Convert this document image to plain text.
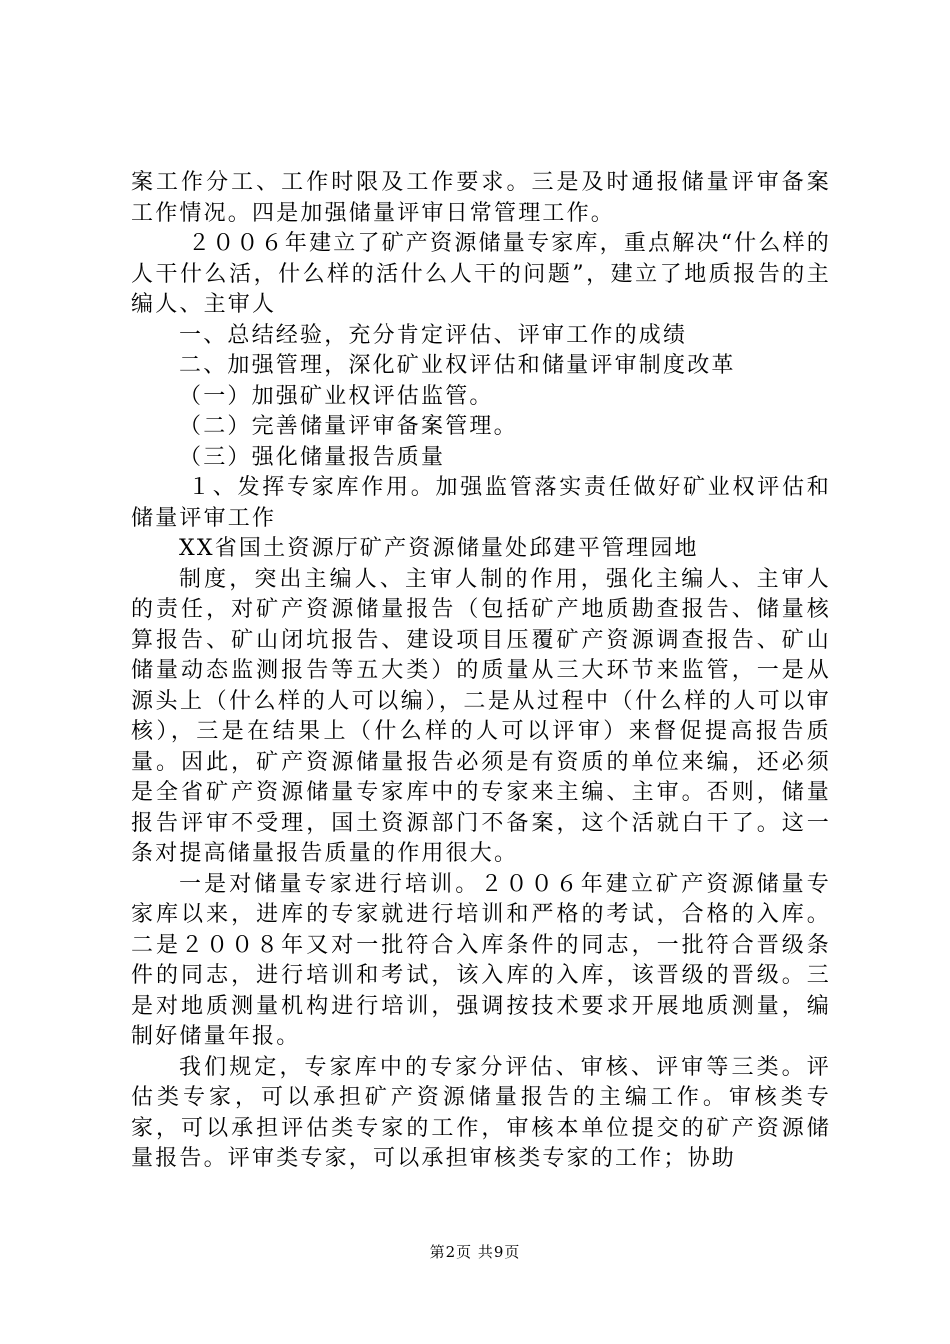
案工作分工、工作时限及工作要求。三是及时通报储量评审备案工作情况。四是加强储量评审日常管理工作。

２００６年建立了矿产资源储量专家库，重点解决“什么样的人干什么活，什么样的活什么人干的问题”，建立了地质报告的主编人、主审人

一、总结经验，充分肯定评估、评审工作的成绩

二、加强管理，深化矿业权评估和储量评审制度改革

（一）加强矿业权评估监管。

（二）完善储量评审备案管理。

（三）强化储量报告质量

１、发挥专家库作用。加强监管落实责任做好矿业权评估和储量评审工作

XX省国土资源厅矿产资源储量处邱建平管理园地

制度，突出主编人、主审人制的作用，强化主编人、主审人的责任，对矿产资源储量报告（包括矿产地质勘查报告、储量核算报告、矿山闭坑报告、建设项目压覆矿产资源调查报告、矿山储量动态监测报告等五大类）的质量从三大环节来监管，一是从源头上（什么样的人可以编），二是从过程中（什么样的人可以审核），三是在结果上（什么样的人可以评审）来督促提高报告质量。因此，矿产资源储量报告必须是有资质的单位来编，还必须是全省矿产资源储量专家库中的专家来主编、主审。否则，储量报告评审不受理，国土资源部门不备案，这个活就白干了。这一条对提高储量报告质量的作用很大。

一是对储量专家进行培训。２００６年建立矿产资源储量专家库以来，进库的专家就进行培训和严格的考试，合格的入库。二是２００８年又对一批符合入库条件的同志，一批符合晋级条件的同志，进行培训和考试，该入库的入库，该晋级的晋级。三是对地质测量机构进行培训，强调按技术要求开展地质测量，编制好储量年报。

我们规定，专家库中的专家分评估、审核、评审等三类。评估类专家，可以承担矿产资源储量报告的主编工作。审核类专家，可以承担评估类专家的工作，审核本单位提交的矿产资源储量报告。评审类专家，可以承担审核类专家的工作；协助

第2页 共9页
